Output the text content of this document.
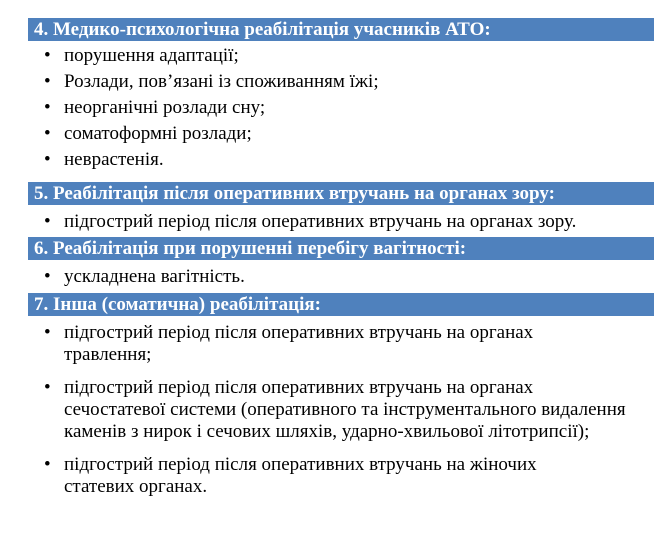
4. Медико-психологічна реабілітація учасників АТО:
• порушення адаптації;
• Розлади, пов’язані із споживанням їжі;
• неорганічні розлади сну;
• соматоформні розлади;
• неврастенія.
5. Реабілітація після оперативних втручань на органах зору:
• підгострий період після оперативних втручань на органах зору.
6. Реабілітація при порушенні перебігу вагітності:
• ускладнена вагітність.
7. Інша (соматична) реабілітація:
• підгострий період після оперативних втручань на органах травлення;
• підгострий період після оперативних втручань на органах сечостатевої системи (оперативного та інструментального видалення каменів з нирок і сечових шляхів, ударно-хвильової літотрипсії);
• підгострий період після оперативних втручань на жіночих статевих органах.
